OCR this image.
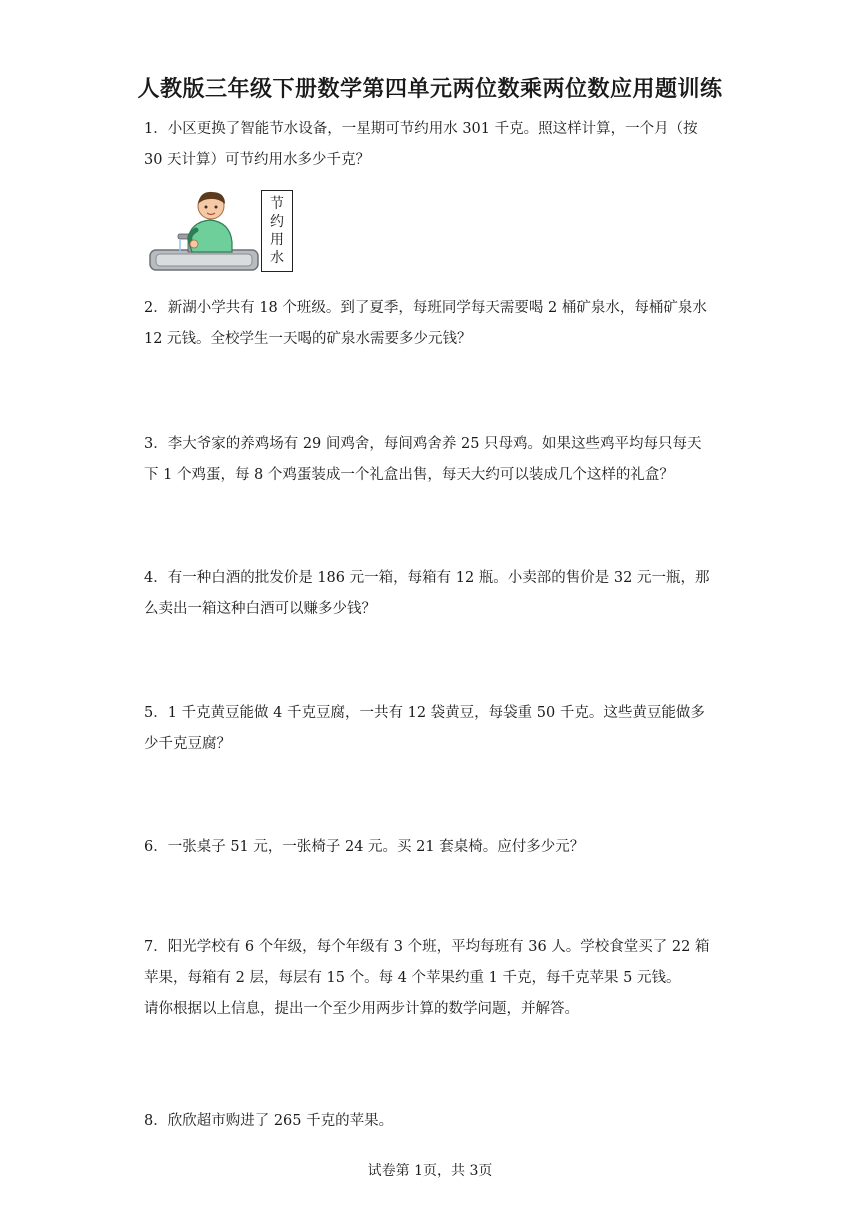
人教版三年级下册数学第四单元两位数乘两位数应用题训练
1．小区更换了智能节水设备，一星期可节约用水 301 千克。照这样计算，一个月（按
30 天计算）可节约用水多少千克？
节
约
用
水
2．新湖小学共有 18 个班级。到了夏季，每班同学每天需要喝 2 桶矿泉水，每桶矿泉水
12 元钱。全校学生一天喝的矿泉水需要多少元钱？
3．李大爷家的养鸡场有 29 间鸡舍，每间鸡舍养 25 只母鸡。如果这些鸡平均每只每天
下 1 个鸡蛋，每 8 个鸡蛋装成一个礼盒出售，每天大约可以装成几个这样的礼盒？
4．有一种白酒的批发价是 186 元一箱，每箱有 12 瓶。小卖部的售价是 32 元一瓶，那
么卖出一箱这种白酒可以赚多少钱？
5．1 千克黄豆能做 4 千克豆腐，一共有 12 袋黄豆，每袋重 50 千克。这些黄豆能做多
少千克豆腐？
6．一张桌子 51 元，一张椅子 24 元。买 21 套桌椅。应付多少元？
7．阳光学校有 6 个年级，每个年级有 3 个班，平均每班有 36 人。学校食堂买了 22 箱
苹果，每箱有 2 层，每层有 15 个。每 4 个苹果约重 1 千克，每千克苹果 5 元钱。
请你根据以上信息，提出一个至少用两步计算的数学问题，并解答。
8．欣欣超市购进了 265 千克的苹果。
试卷第 1页，共 3页
